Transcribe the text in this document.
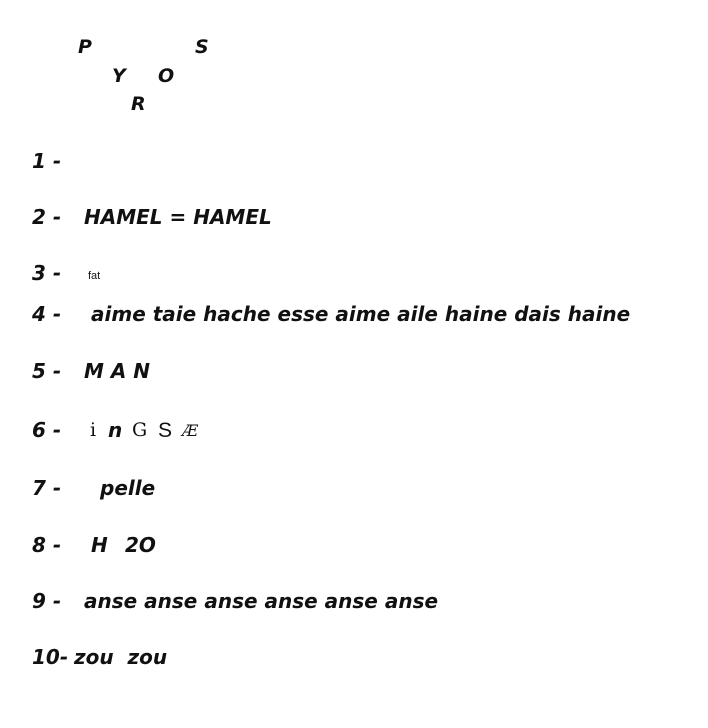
P	S
Y O
R
1 -
2 - HAMEL = HAMEL
3 - fat
4 - aime taie hache esse aime aile haine dais haine
5 - M A N
6 - i n G S Æ
7 - pelle
8 - H 2O
9 - anse anse anse anse anse anse
10- zou  zou
